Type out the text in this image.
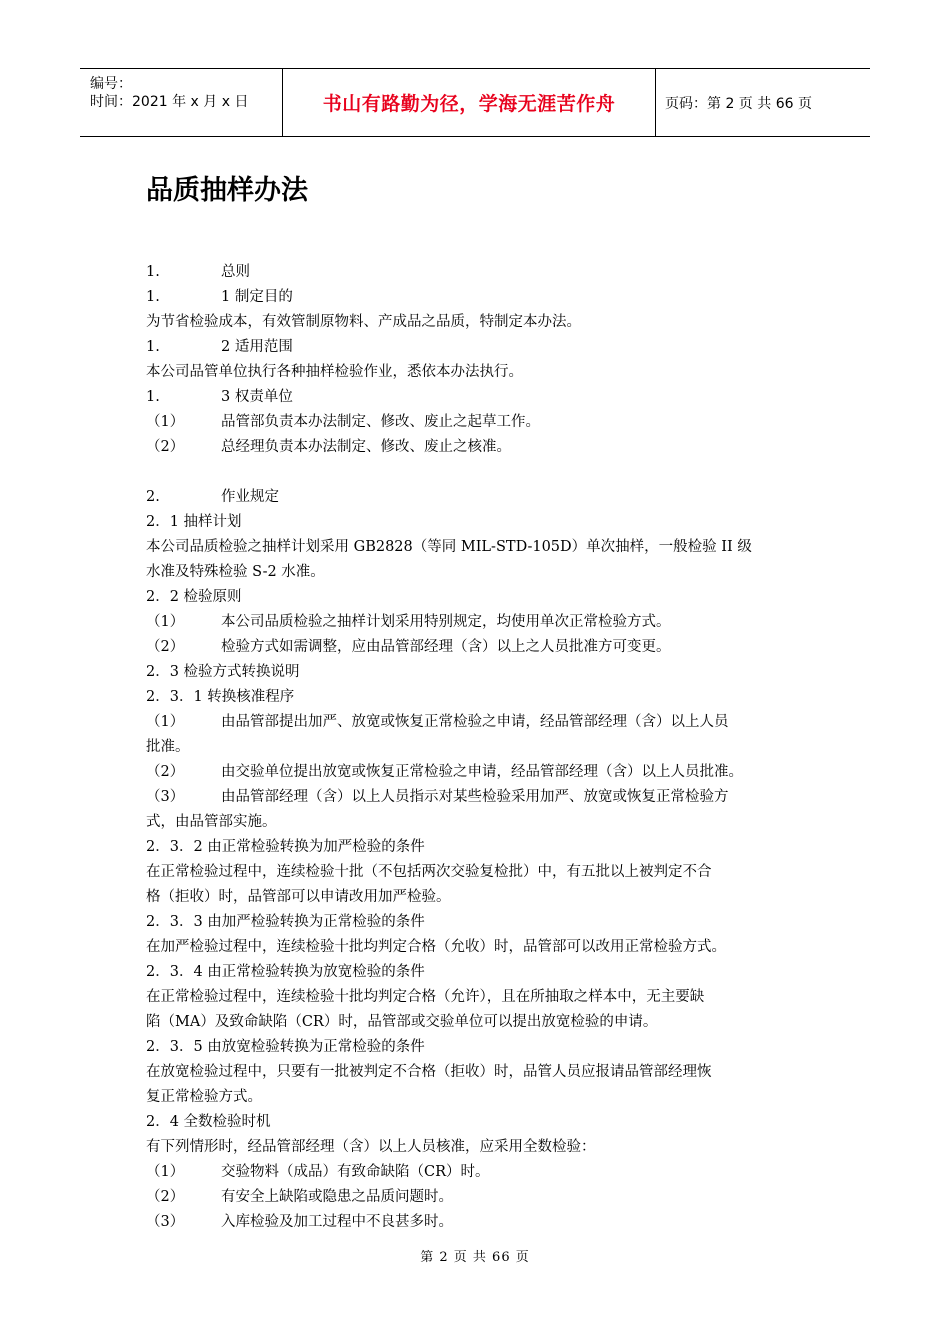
编号：
时间：2021 年 x 月 x 日	书山有路勤为径，学海无涯苦作舟	页码：第 2 页 共 66 页
品质抽样办法
1.	总则
1.	1 制定目的
为节省检验成本，有效管制原物料、产成品之品质，特制定本办法。
1.	2 适用范围
本公司品管单位执行各种抽样检验作业，悉依本办法执行。
1.	3 权责单位
（1）	品管部负责本办法制定、修改、废止之起草工作。
（2）	总经理负责本办法制定、修改、废止之核准。
2.	作业规定
2．1 抽样计划
本公司品质检验之抽样计划采用 GB2828（等同 MIL-STD-105D）单次抽样，一般检验 II 级
水准及特殊检验 S-2 水准。
2．2 检验原则
（1）	本公司品质检验之抽样计划采用特别规定，均使用单次正常检验方式。
（2）	检验方式如需调整，应由品管部经理（含）以上之人员批准方可变更。
2．3 检验方式转换说明
2．3．1 转换核准程序
（1）	由品管部提出加严、放宽或恢复正常检验之申请，经品管部经理（含）以上人员
批准。
（2）	由交验单位提出放宽或恢复正常检验之申请，经品管部经理（含）以上人员批准。
（3）	由品管部经理（含）以上人员指示对某些检验采用加严、放宽或恢复正常检验方
式，由品管部实施。
2．3．2 由正常检验转换为加严检验的条件
在正常检验过程中，连续检验十批（不包括两次交验复检批）中，有五批以上被判定不合
格（拒收）时，品管部可以申请改用加严检验。
2．3．3 由加严检验转换为正常检验的条件
在加严检验过程中，连续检验十批均判定合格（允收）时，品管部可以改用正常检验方式。
2．3．4 由正常检验转换为放宽检验的条件
在正常检验过程中，连续检验十批均判定合格（允许），且在所抽取之样本中，无主要缺
陷（MA）及致命缺陷（CR）时，品管部或交验单位可以提出放宽检验的申请。
2．3．5 由放宽检验转换为正常检验的条件
在放宽检验过程中，只要有一批被判定不合格（拒收）时，品管人员应报请品管部经理恢
复正常检验方式。
2．4 全数检验时机
有下列情形时，经品管部经理（含）以上人员核准，应采用全数检验：
（1）	交验物料（成品）有致命缺陷（CR）时。
（2）	有安全上缺陷或隐患之品质问题时。
（3）	入库检验及加工过程中不良甚多时。
第 2 页 共 66 页
